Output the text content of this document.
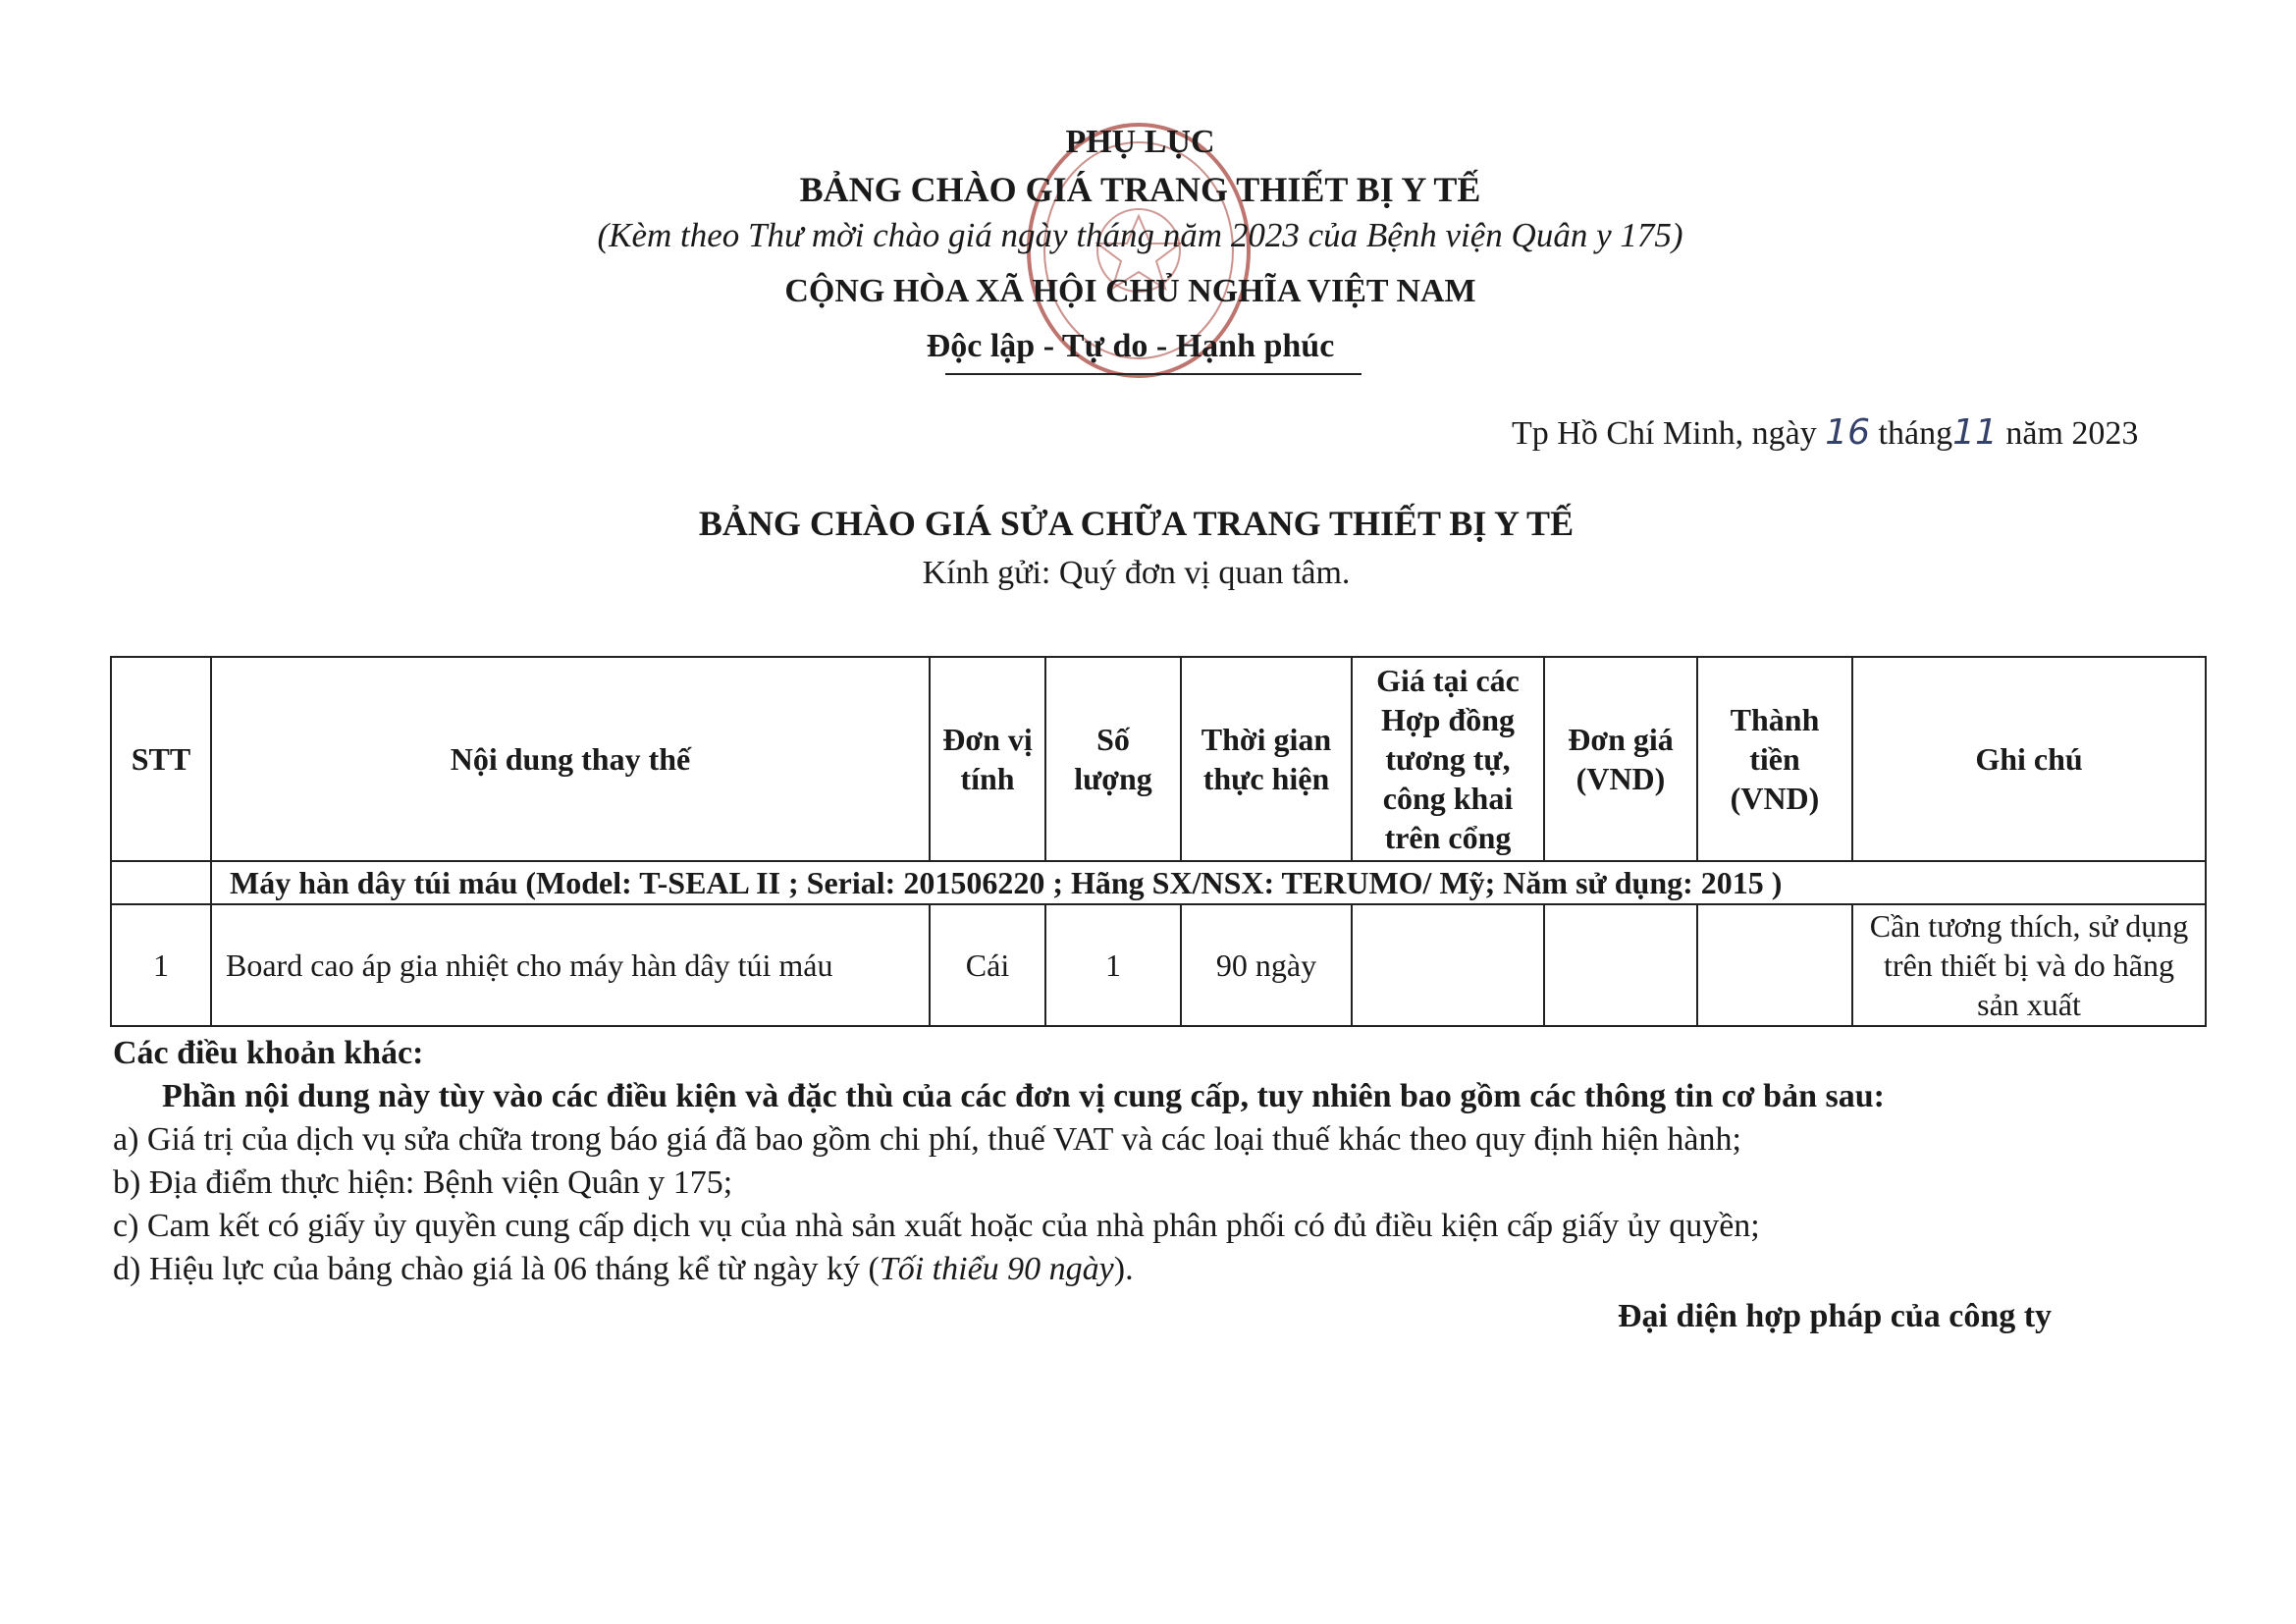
PHỤ LỤC
BẢNG CHÀO GIÁ TRANG THIẾT BỊ Y TẾ
(Kèm theo Thư mời chào giá ngày tháng năm 2023 của Bệnh viện Quân y 175)
CỘNG HÒA XÃ HỘI CHỦ NGHĨA VIỆT NAM
Độc lập - Tự do - Hạnh phúc
Tp Hồ Chí Minh, ngày 16 tháng11 năm 2023
BẢNG CHÀO GIÁ SỬA CHỮA TRANG THIẾT BỊ Y TẾ
Kính gửi: Quý đơn vị quan tâm.
STT	Nội dung thay thế	Đơn vị tính	Số lượng	Thời gian thực hiện	Giá tại các Hợp đồng tương tự, công khai trên cổng	Đơn giá (VND)	Thành tiền (VND)	Ghi chú
	Máy hàn dây túi máu (Model: T-SEAL II ; Serial: 201506220 ; Hãng SX/NSX: TERUMO/ Mỹ; Năm sử dụng: 2015 )							
1	Board cao áp gia nhiệt cho máy hàn dây túi máu	Cái	1	90 ngày				Cần tương thích, sử dụng trên thiết bị và do hãng sản xuất
Các điều khoản khác:
Phần nội dung này tùy vào các điều kiện và đặc thù của các đơn vị cung cấp, tuy nhiên bao gồm các thông tin cơ bản sau:
a) Giá trị của dịch vụ sửa chữa trong báo giá đã bao gồm chi phí, thuế VAT và các loại thuế khác theo quy định hiện hành;
b) Địa điểm thực hiện: Bệnh viện Quân y 175;
c) Cam kết có giấy ủy quyền cung cấp dịch vụ của nhà sản xuất hoặc của nhà phân phối có đủ điều kiện cấp giấy ủy quyền;
d) Hiệu lực của bảng chào giá là 06 tháng kể từ ngày ký (Tối thiểu 90 ngày).
Đại diện hợp pháp của công ty
